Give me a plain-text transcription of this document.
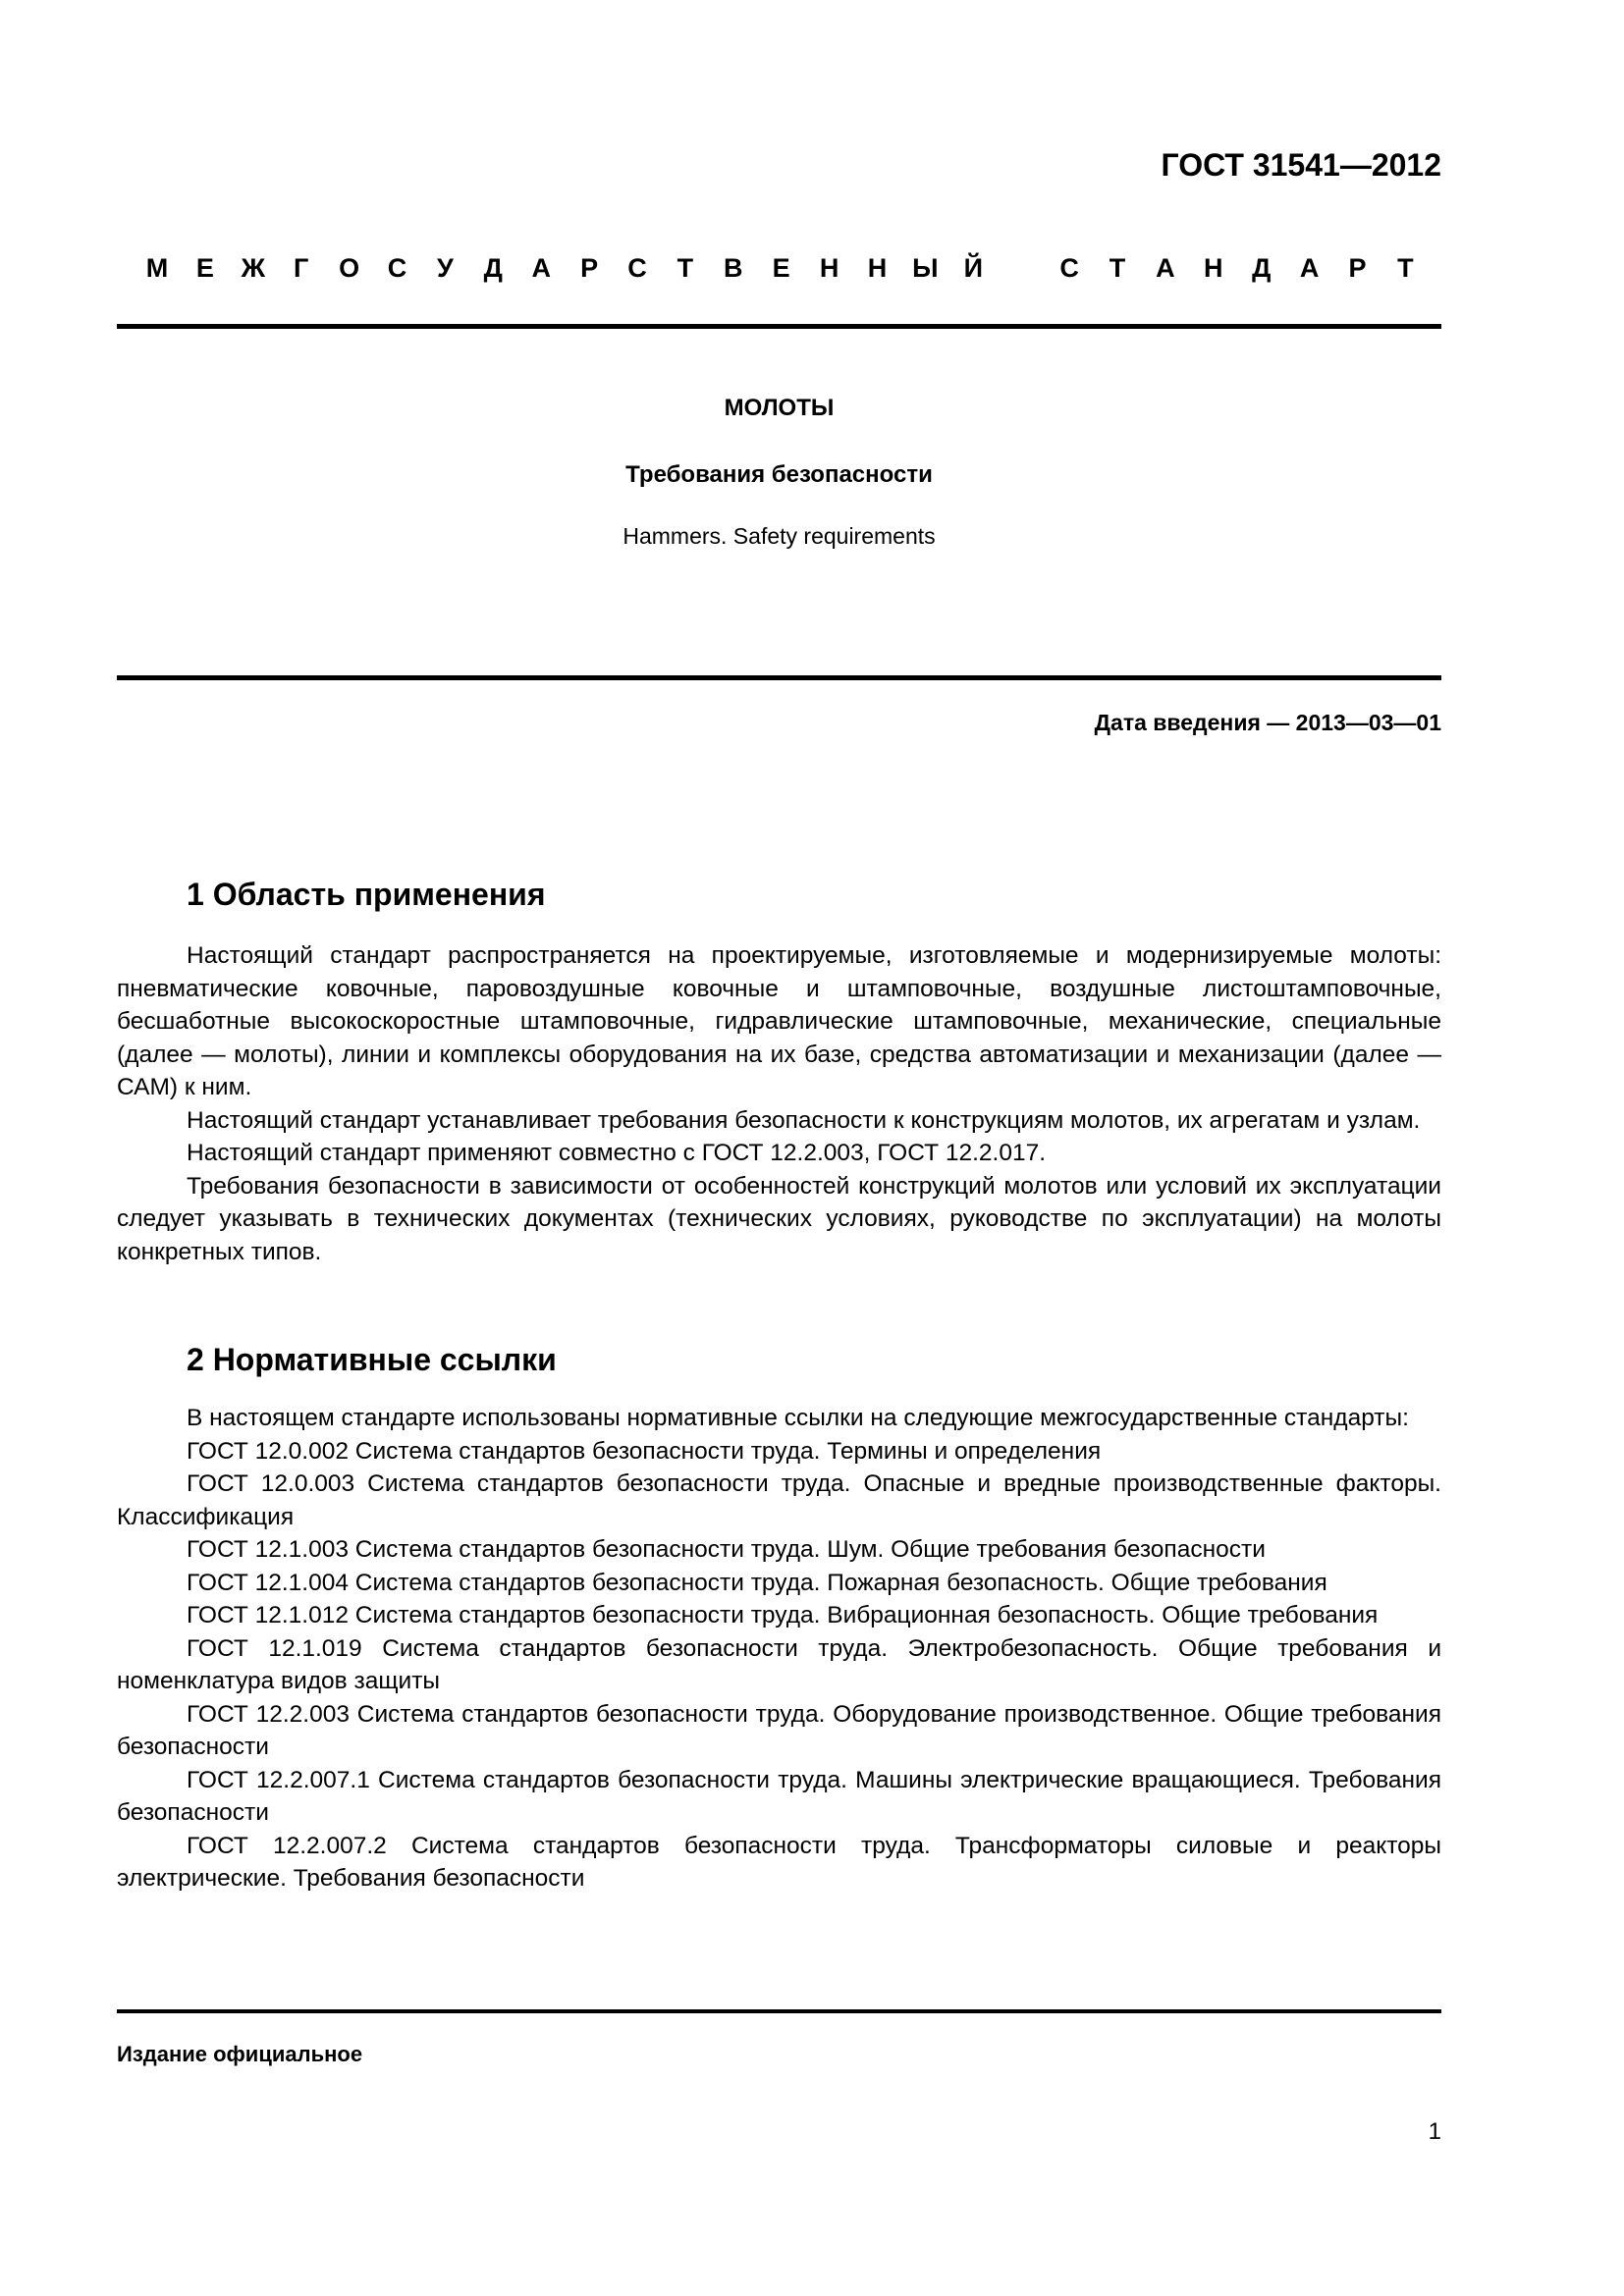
ГОСТ 31541—2012
М	Е	Ж	Г	О	С	У	Д	А	Р	С	Т	В	Е	Н	Н Ы Й	С	Т	А	Н	Д	А	Р	Т
МОЛОТЫ
Требования безопасности
Hammers. Safety requirements
Дата введения — 2013—03—01
1 Область применения

Настоящий стандарт распространяется на проектируемые, изготовляемые и модернизируемые молоты: пневматические ковочные, паровоздушные ковочные и штамповочные, воздушные листоштамповочные, бесшаботные высокоскоростные штамповочные, гидравлические штамповочные, механические, специальные (далее — молоты), линии и комплексы оборудования на их базе, средства автоматизации и механизации (далее — САМ) к ним.

Настоящий стандарт устанавливает требования безопасности к конструкциям молотов, их агрегатам и узлам.

Настоящий стандарт применяют совместно с ГОСТ 12.2.003, ГОСТ 12.2.017.

Требования безопасности в зависимости от особенностей конструкций молотов или условий их эксплуатации следует указывать в технических документах (технических условиях, руководстве по эксплуатации) на молоты конкретных типов.

2 Нормативные ссылки

В настоящем стандарте использованы нормативные ссылки на следующие межгосударственные стандарты:

ГОСТ 12.0.002 Система стандартов безопасности труда. Термины и определения

ГОСТ 12.0.003 Система стандартов безопасности труда. Опасные и вредные производственные факторы. Классификация

ГОСТ 12.1.003 Система стандартов безопасности труда. Шум. Общие требования безопасности

ГОСТ 12.1.004 Система стандартов безопасности труда. Пожарная безопасность. Общие требования

ГОСТ 12.1.012 Система стандартов безопасности труда. Вибрационная безопасность. Общие требования

ГОСТ 12.1.019 Система стандартов безопасности труда. Электробезопасность. Общие требования и номенклатура видов защиты

ГОСТ 12.2.003 Система стандартов безопасности труда. Оборудование производственное. Общие требования безопасности

ГОСТ 12.2.007.1 Система стандартов безопасности труда. Машины электрические вращающиеся. Требования безопасности

ГОСТ 12.2.007.2 Система стандартов безопасности труда. Трансформаторы силовые и реакторы электрические. Требования безопасности

Издание официальное
1
